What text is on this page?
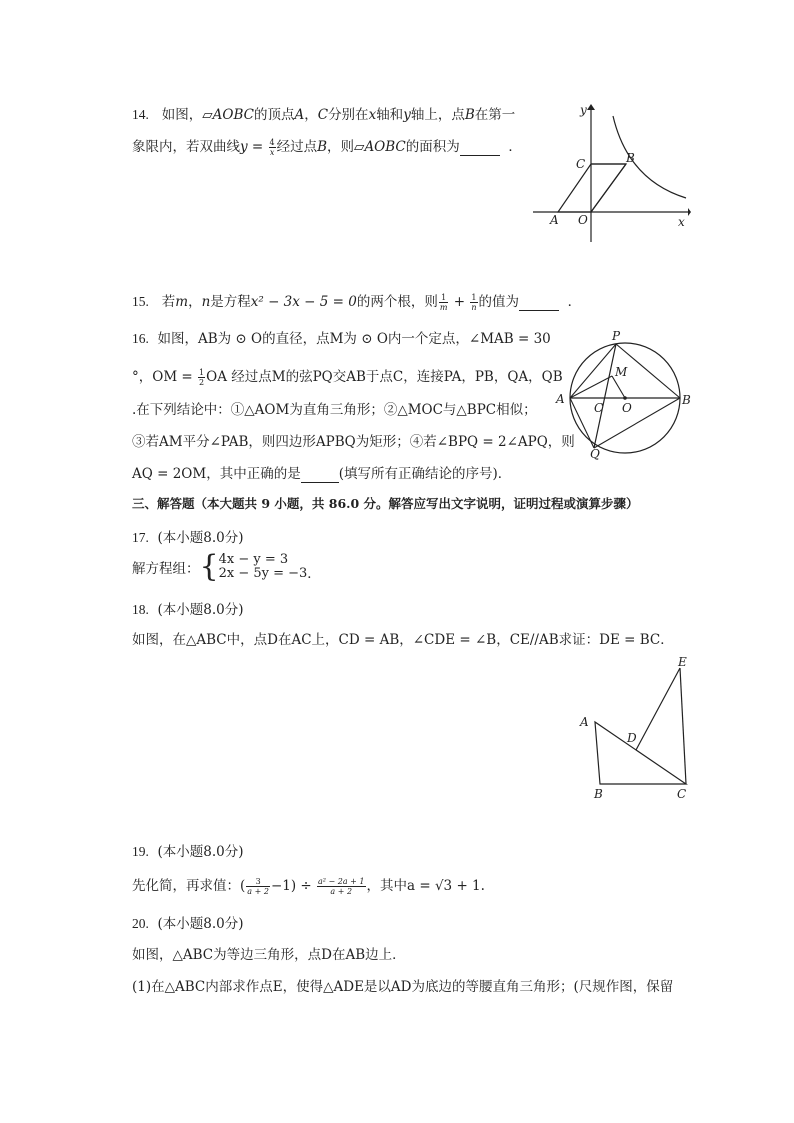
14. 如图，▱AOBC的顶点A，C分别在x轴和y轴上，点B在第一
象限内，若双曲线$y = \frac{4}{x}$ 经过点B，则▱AOBC的面积为	．
y
x
A O
C	B
15. 若m，n是方程x² − 3x − 5 = 0的两个根，则 $\frac{1}{m} + \frac{1}{n}$ 的值为	．
16. 如图，AB为 ⊙ O的直径，点M为 ⊙ O内一个定点，∠MAB = 30
°，OM = $\frac{1}{2}$ OA 经过点M的弦PQ交AB于点C，连接PA，PB，QA，QB
.在下列结论中：①△AOM为直角三角形；②△MOC与△BPC相似；
③若AM平分∠PAB，则四边形APBQ为矩形；④若∠BPQ = 2∠APQ，则
AQ = 2OM，其中正确的是	(填写所有正确结论的序号)．
P
M
A
C O
B
Q
三、解答题（本大题共 9 小题，共 86.0 分。解答应写出文字说明，证明过程或演算步骤）
17. (本小题8.0分)
解方程组：{ 4x − y = 3
2x − 5y = −3 ．
18. (本小题8.0分)
如图，在△ABC中，点D在AC上，CD = AB，∠CDE = ∠B，CE//AB求证：DE = BC．
E
A
D
B	C
19. (本小题8.0分)
先化简，再求值：( $\frac{3}{a + 2} -1) \div \frac{\text{a² − 2a + 1}}{a + 2}$ ，其中a = √3 + 1.
20. (本小题8.0分)
如图，△ABC为等边三角形，点D在AB边上．
(1)在△ABC内部求作点E，使得△ADE是以AD为底边的等腰直角三角形；(尺规作图，保留
